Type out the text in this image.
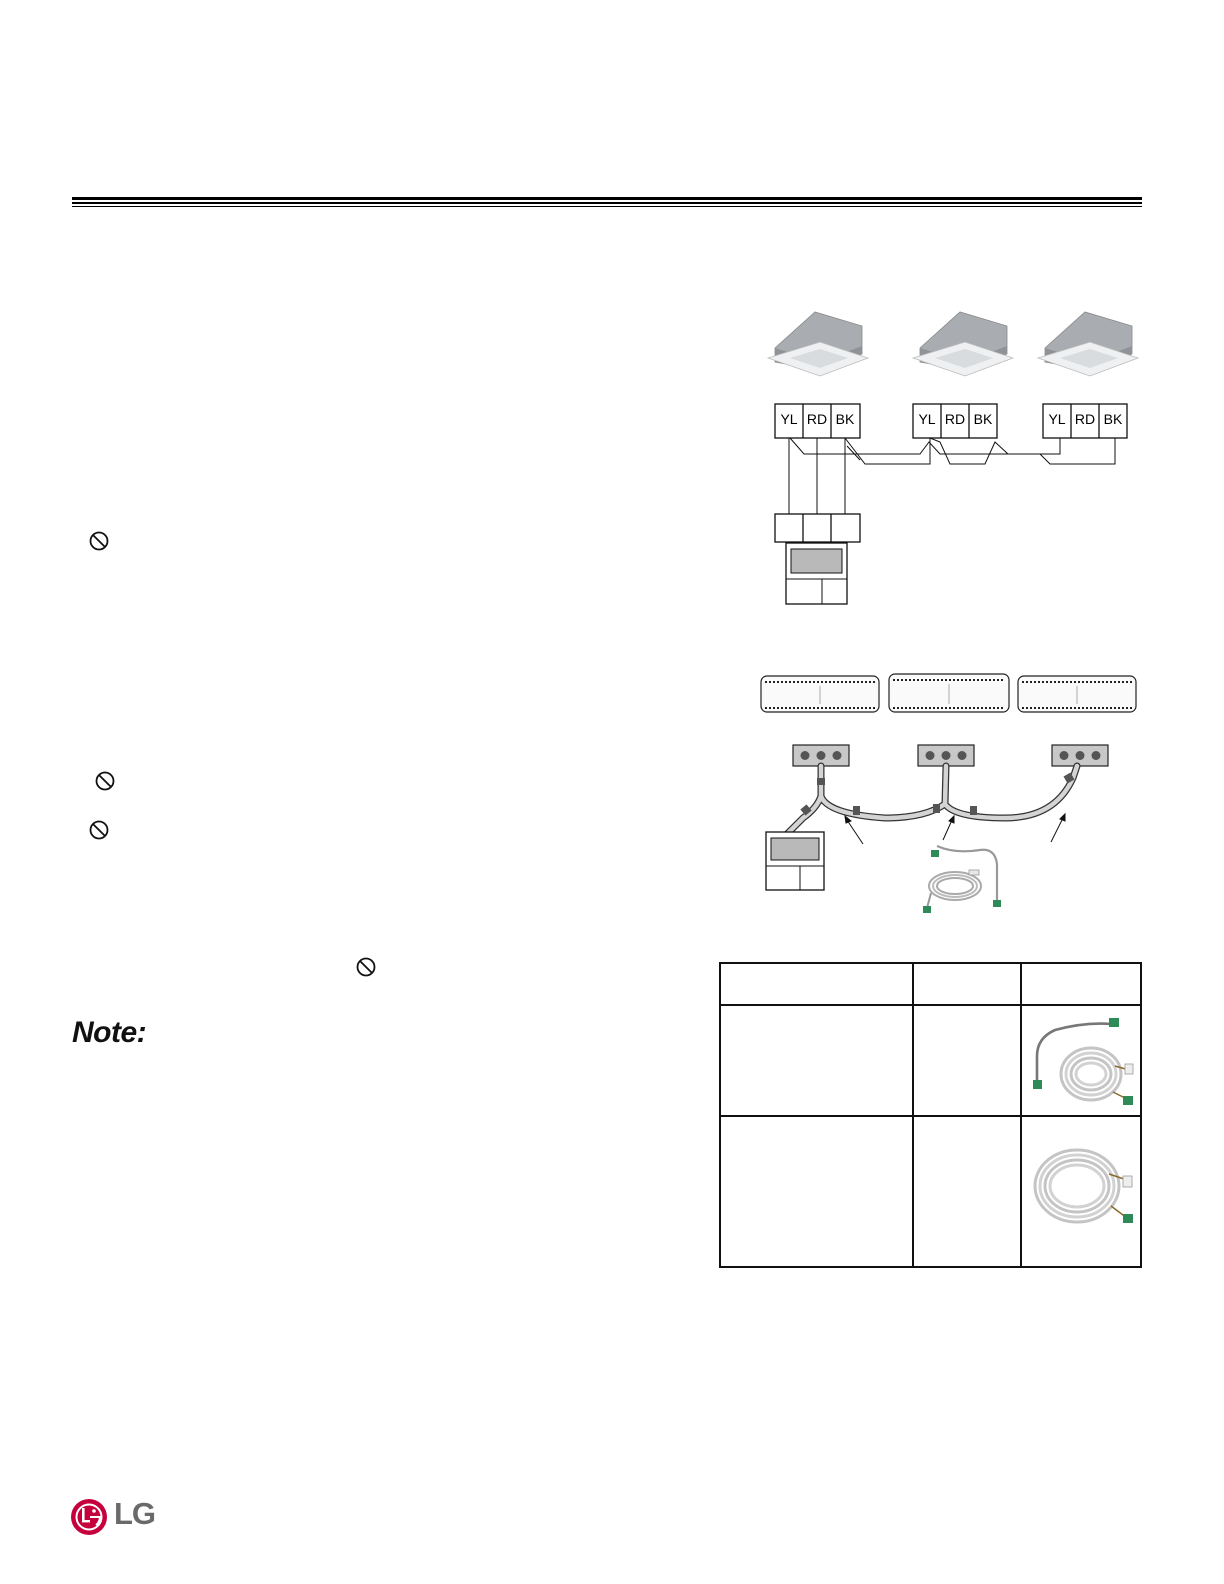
Note:
YL RD BK	YL RD BK	YL RD BK
LG
